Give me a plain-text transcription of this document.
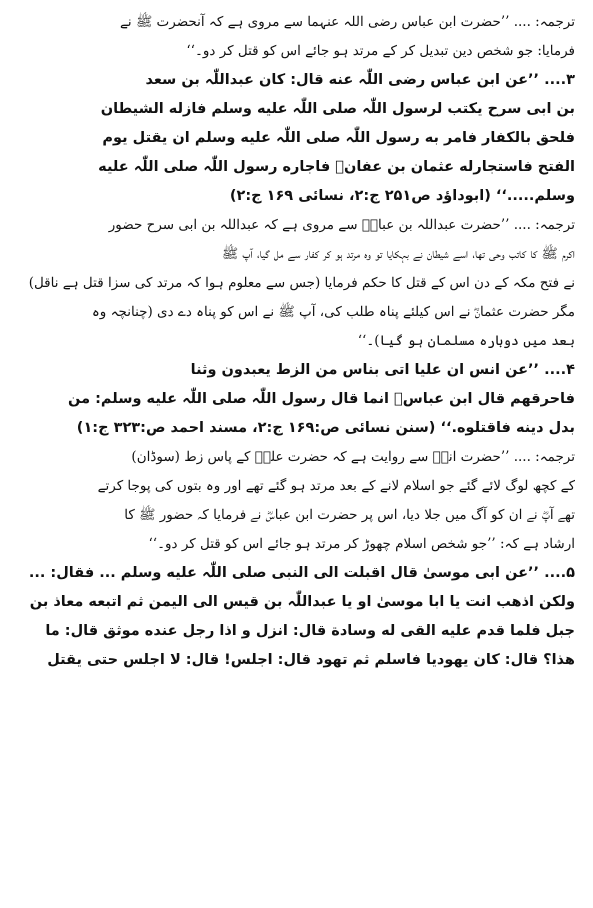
ترجمہ: .... ’’حضرت ابن عباس رضی اللہ عنہما سے مروی ہے کہ آنحضرت ﷺ نے
فرمایا: جو شخص دین تبدیل کر کے مرتد ہو جائے اس کو قتل کر دو۔‘‘
۳.... ’’عن ابن عباس رضی اللّٰہ عنه قال: کان عبداللّٰہ بن سعد
بن ابی سرح یکتب لرسول اللّٰہ صلی اللّٰہ علیه وسلم فازله الشیطان
فلحق بالکفار فامر به رسول اللّٰہ صلی اللّٰہ علیه وسلم ان یقتل یوم
الفتح فاستجارله عثمان بن عفانؓ فاجاره رسول اللّٰہ صلی اللّٰہ علیه
وسلم.....‘‘ (ابوداؤد ص۲۵۱ ج:۲، نسائی ۱۶۹ ج:۲)
ترجمہ: .... ’’حضرت عبداللہ بن عباسؓ سے مروی ہے کہ عبداللہ بن ابی سرح حضور
اکرم ﷺ کا کاتب وحی تھا، اسے شیطان نے بہکایا تو وہ مرتد ہو کر کفار سے مل گیا، آپ ﷺ
نے فتح مکہ کے دن اس کے قتل کا حکم فرمایا (جس سے معلوم ہوا کہ مرتد کی سزا قتل ہے ناقل)
مگر حضرت عثمانؓ نے اس کیلئے پناہ طلب کی، آپ ﷺ نے اس کو پناہ دے دی (چنانچہ وہ
بعد میں دوبارہ مسلمان ہو گیا)۔‘‘
۴.... ’’عن انس ان علیا اتی بناس من الزط یعبدون وثنا
فاحرقهم قال ابن عباسؓ انما قال رسول اللّٰہ صلی اللّٰہ علیه وسلم: من
بدل دینه فاقتلوه.‘‘ (سنن نسائی ص:۱۶۹ ج:۲، مسند احمد ص:۳۲۳ ج:۱)
ترجمہ: .... ’’حضرت انسؓ سے روایت ہے کہ حضرت علیؓ کے پاس زط (سوڈان)
کے کچھ لوگ لائے گئے جو اسلام لانے کے بعد مرتد ہو گئے تھے اور وہ بتوں کی پوجا کرتے
تھے آپؓ نے ان کو آگ میں جلا دیا، اس پر حضرت ابن عباسؓ نے فرمایا کہ حضور ﷺ کا
ارشاد ہے کہ: ’’جو شخص اسلام چھوڑ کر مرتد ہو جائے اس کو قتل کر دو۔‘‘
۵.... ’’عن ابی موسیٰ قال اقبلت الی النبی صلی اللّٰہ علیه وسلم ... فقال: ...
ولکن اذهب انت یا ابا موسیٰ او یا عبداللّٰہ بن قیس الی الیمن ثم اتبعه معاذ بن
جبل فلما قدم علیه القی له وسادة قال: انزل و اذا رجل عنده موثق قال: ما
هذا؟ قال: کان یهودیا فاسلم ثم تهود قال: اجلس! قال: لا اجلس حتی یقتل
